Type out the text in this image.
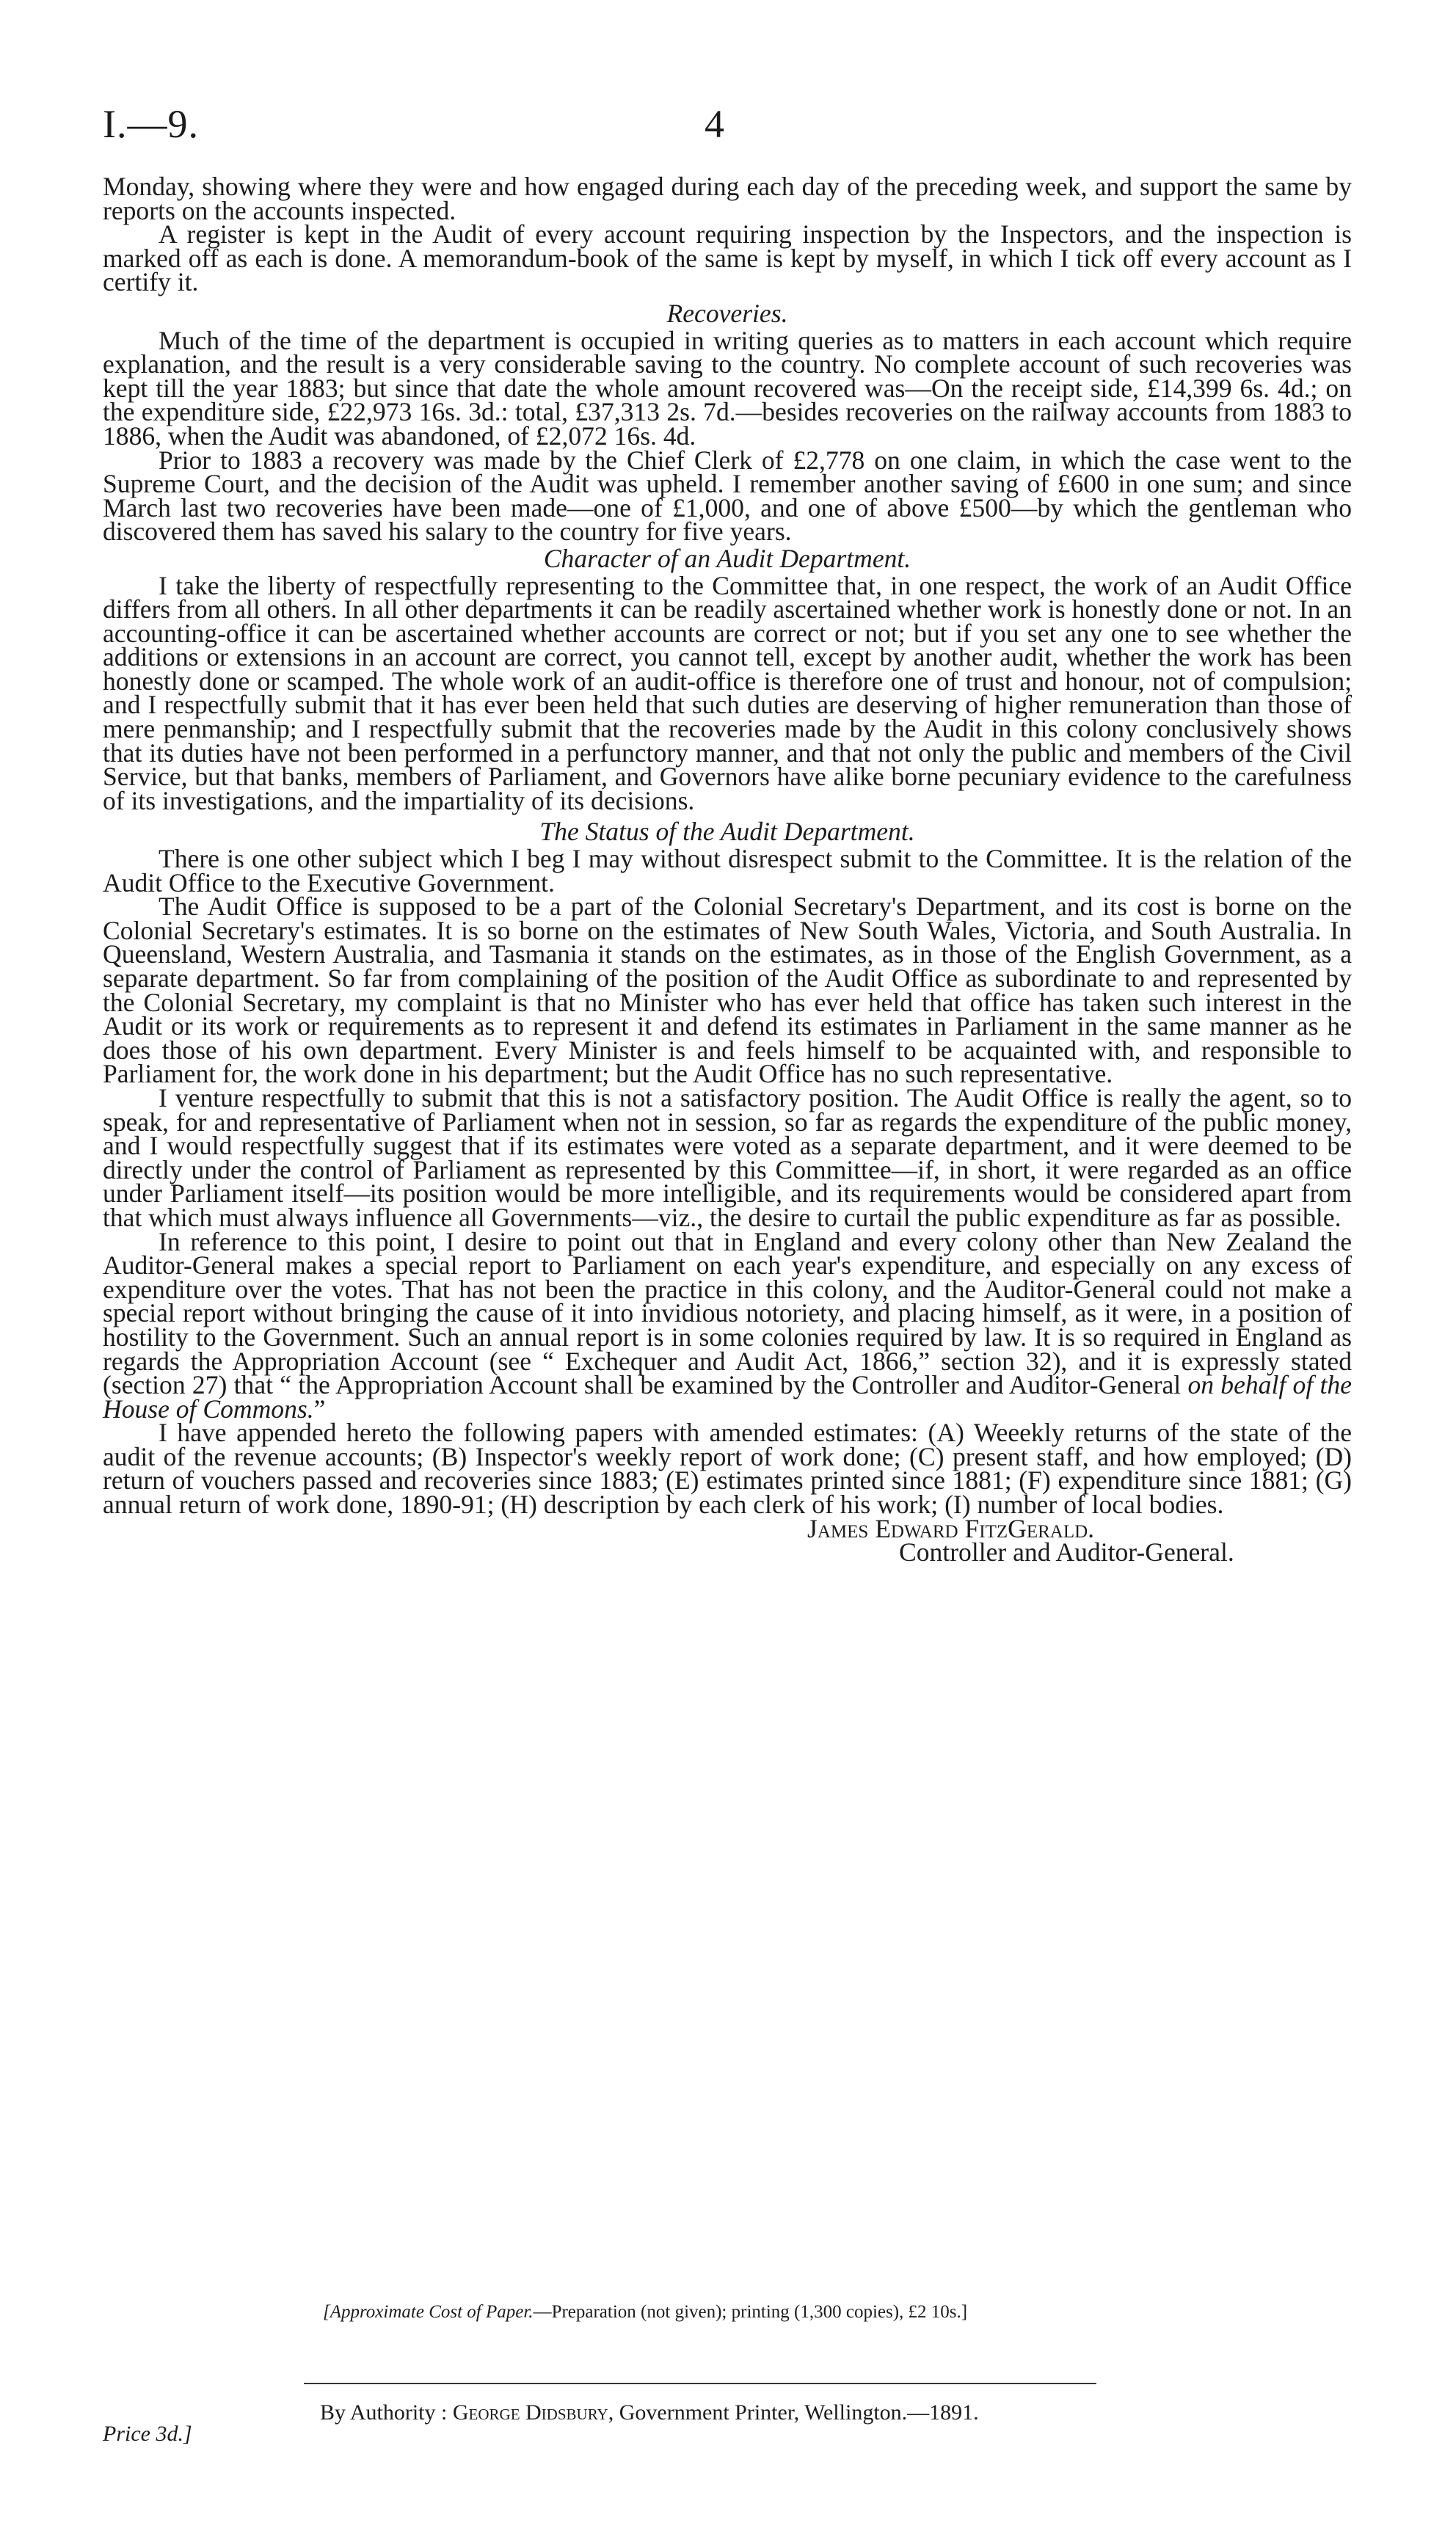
I.—9.	4

Monday, showing where they were and how engaged during each day of the preceding week, and support the same by reports on the accounts inspected.

A register is kept in the Audit of every account requiring inspection by the Inspectors, and the inspection is marked off as each is done. A memorandum-book of the same is kept by myself, in which I tick off every account as I certify it.

Recoveries.

Much of the time of the department is occupied in writing queries as to matters in each account which require explanation, and the result is a very considerable saving to the country. No complete account of such recoveries was kept till the year 1883; but since that date the whole amount recovered was—On the receipt side, £14,399 6s. 4d.; on the expenditure side, £22,973 16s. 3d.: total, £37,313 2s. 7d.—besides recoveries on the railway accounts from 1883 to 1886, when the Audit was abandoned, of £2,072 16s. 4d.

Prior to 1883 a recovery was made by the Chief Clerk of £2,778 on one claim, in which the case went to the Supreme Court, and the decision of the Audit was upheld. I remember another saving of £600 in one sum; and since March last two recoveries have been made—one of £1,000, and one of above £500—by which the gentleman who discovered them has saved his salary to the country for five years.

Character of an Audit Department.

I take the liberty of respectfully representing to the Committee that, in one respect, the work of an Audit Office differs from all others. In all other departments it can be readily ascertained whether work is honestly done or not. In an accounting-office it can be ascertained whether accounts are correct or not; but if you set any one to see whether the additions or extensions in an account are correct, you cannot tell, except by another audit, whether the work has been honestly done or scamped. The whole work of an audit-office is therefore one of trust and honour, not of compulsion; and I respectfully submit that it has ever been held that such duties are deserving of higher remuneration than those of mere penmanship; and I respectfully submit that the recoveries made by the Audit in this colony conclusively shows that its duties have not been performed in a perfunctory manner, and that not only the public and members of the Civil Service, but that banks, members of Parliament, and Governors have alike borne pecuniary evidence to the carefulness of its investigations, and the impartiality of its decisions.

The Status of the Audit Department.

There is one other subject which I beg I may without disrespect submit to the Committee. It is the relation of the Audit Office to the Executive Government.

The Audit Office is supposed to be a part of the Colonial Secretary's Department, and its cost is borne on the Colonial Secretary's estimates. It is so borne on the estimates of New South Wales, Victoria, and South Australia. In Queensland, Western Australia, and Tasmania it stands on the estimates, as in those of the English Government, as a separate department. So far from complaining of the position of the Audit Office as subordinate to and represented by the Colonial Secretary, my complaint is that no Minister who has ever held that office has taken such interest in the Audit or its work or requirements as to represent it and defend its estimates in Parliament in the same manner as he does those of his own department. Every Minister is and feels himself to be acquainted with, and responsible to Parliament for, the work done in his department; but the Audit Office has no such representative.

I venture respectfully to submit that this is not a satisfactory position. The Audit Office is really the agent, so to speak, for and representative of Parliament when not in session, so far as regards the expenditure of the public money, and I would respectfully suggest that if its estimates were voted as a separate department, and it were deemed to be directly under the control of Parliament as represented by this Committee—if, in short, it were regarded as an office under Parliament itself—its position would be more intelligible, and its requirements would be considered apart from that which must always influence all Governments—viz., the desire to curtail the public expenditure as far as possible.

In reference to this point, I desire to point out that in England and every colony other than New Zealand the Auditor-General makes a special report to Parliament on each year's expenditure, and especially on any excess of expenditure over the votes. That has not been the practice in this colony, and the Auditor-General could not make a special report without bringing the cause of it into invidious notoriety, and placing himself, as it were, in a position of hostility to the Government. Such an annual report is in some colonies required by law. It is so required in England as regards the Appropriation Account (see “ Exchequer and Audit Act, 1866,” section 32), and it is expressly stated (section 27) that “ the Appropriation Account shall be examined by the Controller and Auditor-General on behalf of the House of Commons.”

I have appended hereto the following papers with amended estimates: (A) Weeekly returns of the state of the audit of the revenue accounts; (B) Inspector's weekly report of work done; (C) present staff, and how employed; (D) return of vouchers passed and recoveries since 1883; (E) estimates printed since 1881; (F) expenditure since 1881; (G) annual return of work done, 1890-91; (H) description by each clerk of his work; (I) number of local bodies.

James Edward FitzGerald.
Controller and Auditor-General.
[Approximate Cost of Paper.—Preparation (not given); printing (1,300 copies), £2 10s.]
By Authority : George Didsbury, Government Printer, Wellington.—1891.
Price 3d.]
